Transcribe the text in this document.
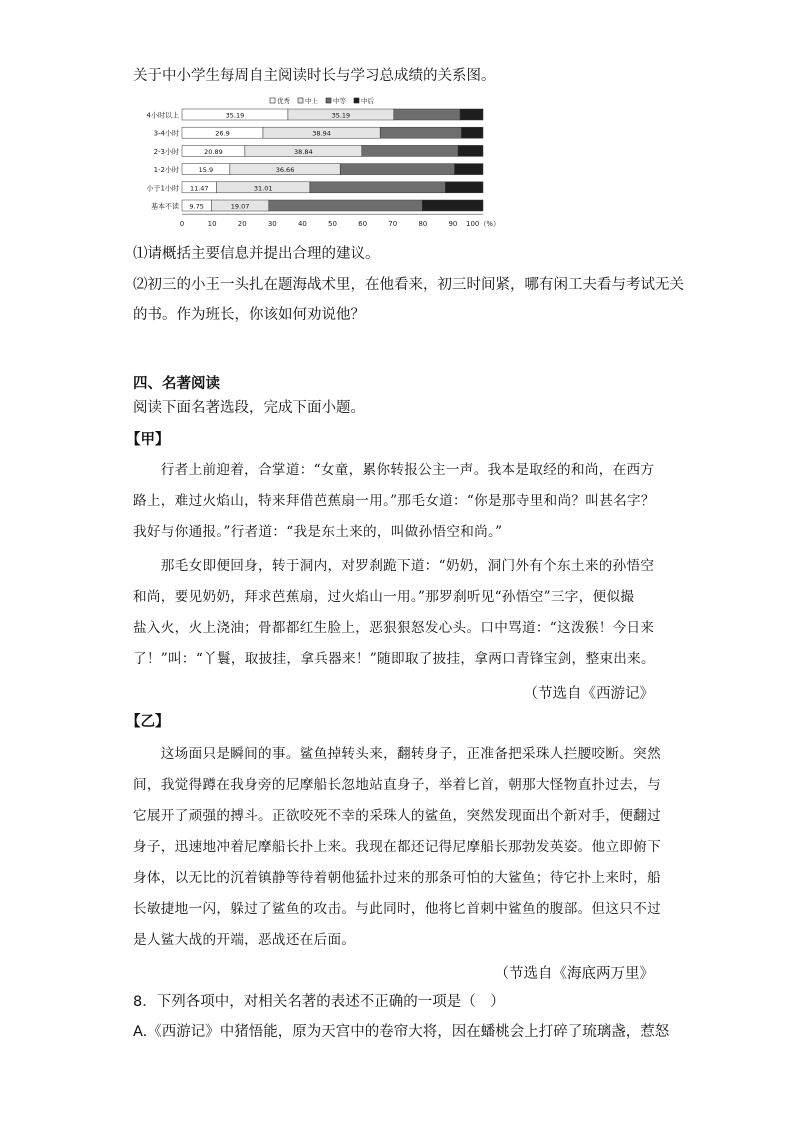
关于中小学生每周自主阅读时长与学习总成绩的关系图。
优秀 中上 中等 中后
4小时以上	35.19	35.19
3-4小时	26.9	38.94
2-3小时	20.89	38.84
1-2小时	15.9	36.66
小于1小时 11.47	31.01
基本不读 9.75	19.07
0	10	20	30	40	50	60	70	80	90 100（%）
⑴请概括主要信息并提出合理的建议。
⑵初三的小王一头扎在题海战术里，在他看来，初三时间紧，哪有闲工夫看与考试无关
的书。作为班长，你该如何劝说他？
四、名著阅读
阅读下面名著选段，完成下面小题。
【甲】
　　行者上前迎着，合掌道：“女童，累你转报公主一声。我本是取经的和尚，在西方
路上，难过火焰山，特来拜借芭蕉扇一用。”那毛女道：“你是那寺里和尚？叫甚名字？
我好与你通报。”行者道：“我是东土来的，叫做孙悟空和尚。”
　　那毛女即便回身，转于洞内，对罗刹跪下道：“奶奶，洞门外有个东土来的孙悟空
和尚，要见奶奶，拜求芭蕉扇，过火焰山一用。”那罗刹听见“孙悟空”三字，便似撮
盐入火，火上浇油；骨都都红生脸上，恶狠狠怒发心头。口中骂道：“这泼猴！今日来
了！”叫：“丫鬟，取披挂，拿兵器来！”随即取了披挂，拿两口青锋宝剑，整束出来。
（节选自《西游记》
【乙】
　　这场面只是瞬间的事。鲨鱼掉转头来，翻转身子，正准备把采珠人拦腰咬断。突然
间，我觉得蹲在我身旁的尼摩船长忽地站直身子，举着匕首，朝那大怪物直扑过去，与
它展开了顽强的搏斗。正欲咬死不幸的采珠人的鲨鱼，突然发现面出个新对手，便翻过
身子，迅速地冲着尼摩船长扑上来。我现在都还记得尼摩船长那勃发英姿。他立即俯下
身体，以无比的沉着镇静等待着朝他猛扑过来的那条可怕的大鲨鱼；待它扑上来时，船
长敏捷地一闪，躲过了鲨鱼的攻击。与此同时，他将匕首刺中鲨鱼的腹部。但这只不过
是人鲨大战的开端，恶战还在后面。
（节选自《海底两万里》
8．下列各项中，对相关名著的表述不正确的一项是（　）
A.《西游记》中猪悟能，原为天宫中的卷帘大将，因在蟠桃会上打碎了琉璃盏，惹怒
